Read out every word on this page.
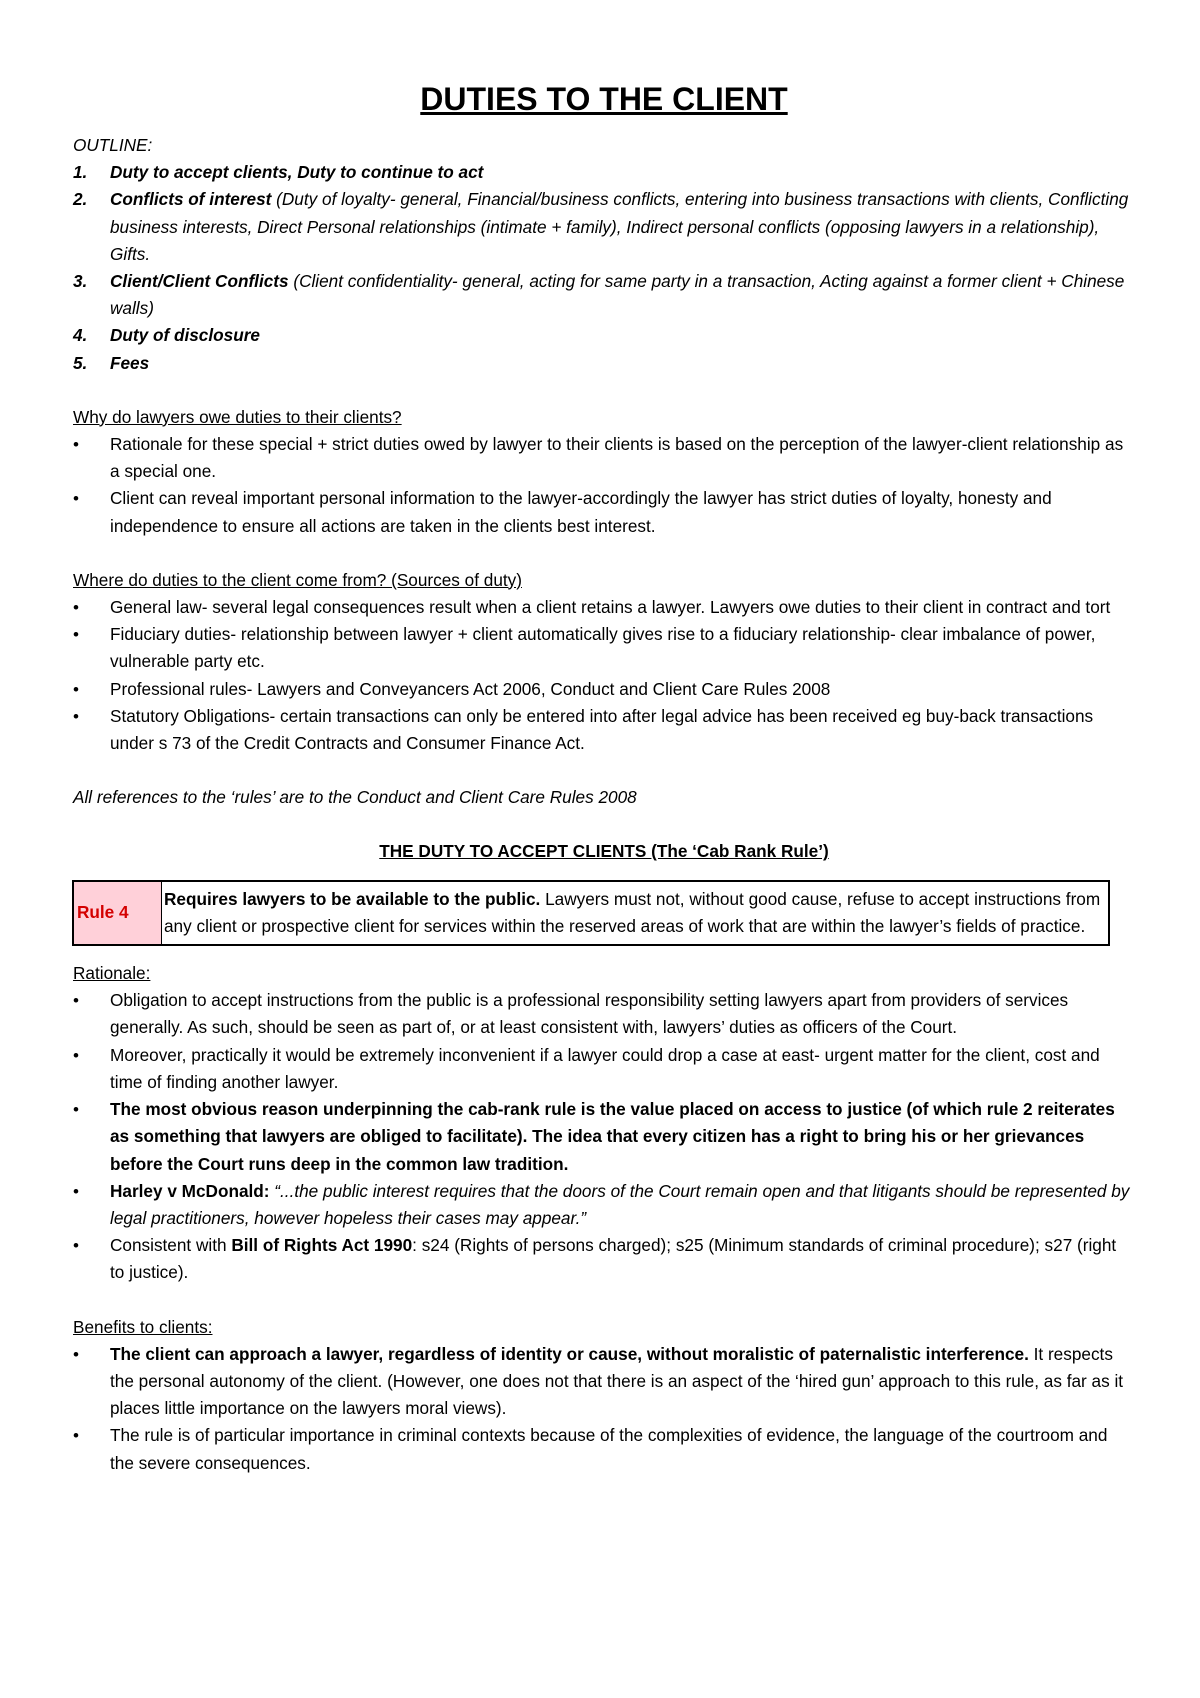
DUTIES TO THE CLIENT

OUTLINE:

1. Duty to accept clients, Duty to continue to act
2. Conflicts of interest (Duty of loyalty- general, Financial/business conflicts, entering into business transactions with clients, Conflicting business interests, Direct Personal relationships (intimate + family), Indirect personal conflicts (opposing lawyers in a relationship), Gifts.
3. Client/Client Conflicts (Client confidentiality- general, acting for same party in a transaction, Acting against a former client + Chinese walls)
4. Duty of disclosure
5. Fees

Why do lawyers owe duties to their clients?

• Rationale for these special + strict duties owed by lawyer to their clients is based on the perception of the lawyer-client relationship as a special one.
• Client can reveal important personal information to the lawyer-accordingly the lawyer has strict duties of loyalty, honesty and independence to ensure all actions are taken in the clients best interest.

Where do duties to the client come from? (Sources of duty)

• General law- several legal consequences result when a client retains a lawyer. Lawyers owe duties to their client in contract and tort
• Fiduciary duties- relationship between lawyer + client automatically gives rise to a fiduciary relationship- clear imbalance of power, vulnerable party etc.
• Professional rules- Lawyers and Conveyancers Act 2006, Conduct and Client Care Rules 2008
• Statutory Obligations- certain transactions can only be entered into after legal advice has been received eg buy-back transactions under s 73 of the Credit Contracts and Consumer Finance Act.

All references to the ‘rules’ are to the Conduct and Client Care Rules 2008

THE DUTY TO ACCEPT CLIENTS (The ‘Cab Rank Rule’)

Rule 4	Requires lawyers to be available to the public. Lawyers must not, without good cause, refuse to accept instructions from any client or prospective client for services within the reserved areas of work that are within the lawyer’s fields of practice.

Rationale:

• Obligation to accept instructions from the public is a professional responsibility setting lawyers apart from providers of services generally. As such, should be seen as part of, or at least consistent with, lawyers’ duties as officers of the Court.
• Moreover, practically it would be extremely inconvenient if a lawyer could drop a case at east- urgent matter for the client, cost and time of finding another lawyer.
• The most obvious reason underpinning the cab-rank rule is the value placed on access to justice (of which rule 2 reiterates as something that lawyers are obliged to facilitate). The idea that every citizen has a right to bring his or her grievances before the Court runs deep in the common law tradition.
• Harley v McDonald: “...the public interest requires that the doors of the Court remain open and that litigants should be represented by legal practitioners, however hopeless their cases may appear.”
• Consistent with Bill of Rights Act 1990: s24 (Rights of persons charged); s25 (Minimum standards of criminal procedure); s27 (right to justice).

Benefits to clients:

• The client can approach a lawyer, regardless of identity or cause, without moralistic of paternalistic interference. It respects the personal autonomy of the client. (However, one does not that there is an aspect of the ‘hired gun’ approach to this rule, as far as it places little importance on the lawyers moral views).
• The rule is of particular importance in criminal contexts because of the complexities of evidence, the language of the courtroom and the severe consequences.
